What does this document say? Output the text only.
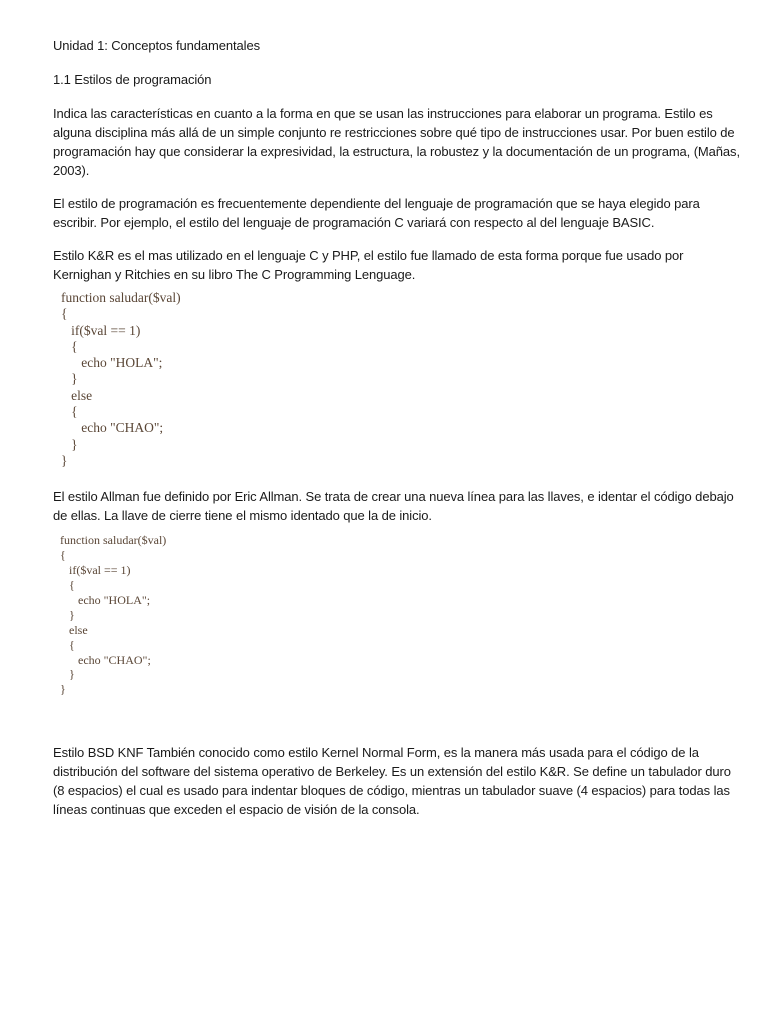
Unidad 1: Conceptos fundamentales

1.1 Estilos de programación

Indica las características en cuanto a la forma en que se usan las instrucciones para elaborar un programa. Estilo es alguna disciplina más allá de un simple conjunto re restricciones sobre qué tipo de instrucciones usar. Por buen estilo de programación hay que considerar la expresividad, la estructura, la robustez y la documentación de un programa, (Mañas, 2003).

El estilo de programación es frecuentemente dependiente del lenguaje de programación que se haya elegido para escribir. Por ejemplo, el estilo del lenguaje de programación C variará con respecto al del lenguaje BASIC.

Estilo K&R es el mas utilizado en el lenguaje C y PHP, el estilo fue llamado de esta forma porque fue usado por Kernighan y Ritchies en su libro The C Programming Lenguage.

function saludar($val)
{
if($val == 1)
{
echo "HOLA";
}
else
{
echo "CHAO";
}
}

El estilo Allman fue definido por Eric Allman. Se trata de crear una nueva línea para las llaves, e identar el código debajo de ellas. La llave de cierre tiene el mismo identado que la de inicio.

function saludar($val)
{
if($val == 1)
{
echo "HOLA";
}
else
{
echo "CHAO";
}
}

Estilo BSD KNF También conocido como estilo Kernel Normal Form, es la manera más usada para el código de la distribución del software del sistema operativo de Berkeley. Es un extensión del estilo K&R. Se define un tabulador duro (8 espacios) el cual es usado para indentar bloques de código, mientras un tabulador suave (4 espacios) para todas las líneas continuas que exceden el espacio de visión de la consola.
